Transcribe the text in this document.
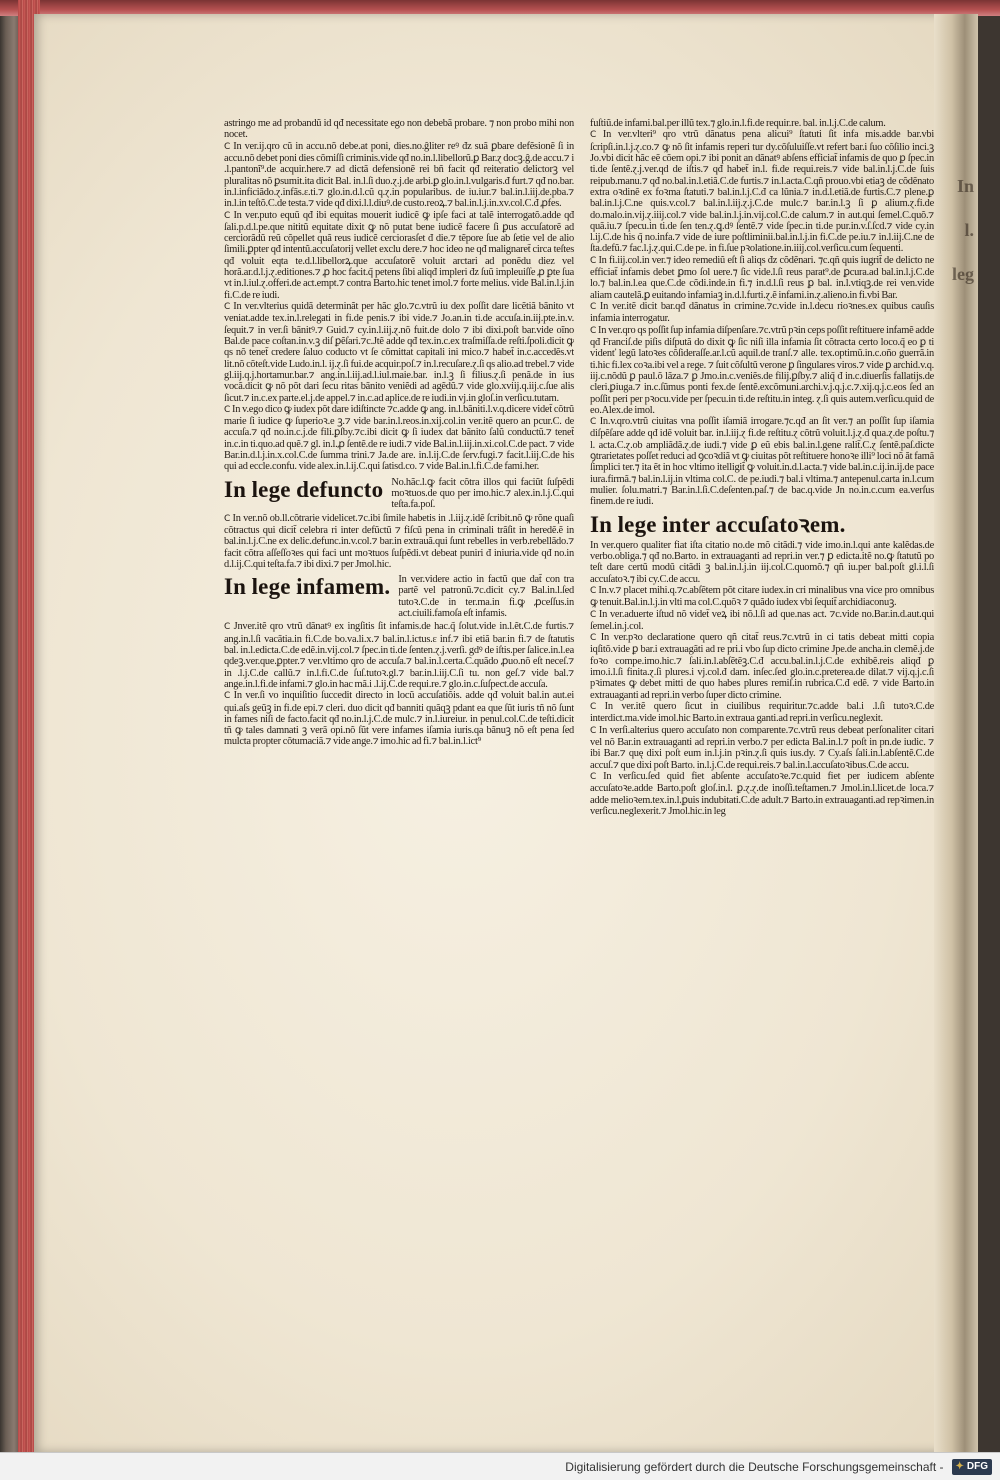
In l. leg

astringo me ad probandũ id qđ necessitate ego non debebã probare. ⁊ non probo mihi non nocet.

C In ver.ij.qro cũ in accu.nõ debe.at poni, dies.no.ĝliter reꝰ đz suã ꝑbare defẽsionẽ ſi in accu.nõ debet poni dies cõmiſſi criminis.vide qđ no.in.l.libellorũ.ꝑ Bar.ɀ docꝫ.ĝ.de accu.⁊ i .l.pantonĩ⁹.de acquir.here.⁊ ad dictã defensionẽ rei bñ facit qđ reiteratio delictorꝫ vel pluralitas nõ ꝑsumit.ita dicit Bal. in.l.ſi duo.ɀ.j.de arbi.ꝑ glo.in.l.vulgaris.đ furt.⁊ qđ no.bar. in.l.inficiãdo.ɀ.infãs.ɛ.ti.⁊ glo.in.d.l.cũ q.ɀ.in popularibus. de iu.iur.⁊ bal.in.l.iij.de.pba.⁊ in.l.in teſtõ.C.de testa.⁊ vide qđ dixi.l.l.diuꝰ.de custo.reoꝝ.⁊ bal.in.l.j.in.xv.col.C.đ ꝓfes.

C In ver.puto equũ qđ ibi equitas mouerit iudicẽ ꝙ ipſe faci at talẽ interrogatõ.adde qđ ſali.p.d.l.pe.que nititũ equitate dixit ꝙ nõ putat bene iudicẽ facere ſi ꝑus accuſatorẽ ad cerciorãdũ reũ cõpellet quã reus iudicẽ cerciorasſet đ die.⁊ tẽpore ſue ab ſetie vel de alio ſimili.ꝑpter qđ intentũ.accuſatorij vellet exclu dere.⁊ hoc ideo ne qđ malignaret̃ circa teſtes qđ voluit eqta te.d.l.libellorꝝ.que accuſatorẽ voluit arctari ad ponẽdu diez vel horã.ar.d.l.j.ɀ.editiones.⁊ ꝓ hoc facit.q̃ petens ſibi aliqđ impleri đz ſuũ impleuiſſe ꝓ ꝑte ſua vt in.l.iul.ɀ.offeri.de act.empt.⁊ contra Barto.hic tenet imol.⁊ forte melius. vide Bal.in.l.j.in fi.C.de re iudi.

C In ver.vlterius quidã determinãt per hãc glo.⁊c.vtrũ iu dex poſſit dare licẽtiã bãnito vt veniat.adde tex.in.l.relegati in fi.de penis.⁊ ibi vide.⁊ Jo.an.in ti.de accuſa.in.iij.pte.in.v. ſequit.⁊ in ver.ſi bãnitꝰ.⁊ Guid.⁊ cy.in.l.iij.ɀ.nõ fuit.de dolo ⁊ ibi dixi.poſt bar.vide oĩno Bal.de pace coſtan.in.v.ꝫ diſ ꝑẽſari.⁊c.Jtẽ adde qđ tex.in.c.ex traſmiſſa.de reſti.ſpoli.dicit ꝙ qs nõ tenet̃ credere ſaluo coducto vt ſe cõmittat capitali ini mico.⁊ habet̃ in.c.accedẽs.vt lit.nõ cõteſt.vide Ludo.in.l. ij.ɀ.ſi fui.de acquir.poſ.⁊ in.l.recuſare.ɀ.ſi qs alio.ad trebel.⁊ vide gl.iij.q.j.hortamur.bar.⁊ ang.in.l.iij.ad.l.iul.maie.bar. in.l.ꝫ ſi filius.ɀ.ſi penã.de in ius vocã.dicit ꝙ nõ põt dari ſecu ritas bãnito veniẽdi ad agẽdũ.⁊ vide glo.xviij.q.iij.c.ſue alis ſicut.⁊ in.c.ex parte.el.j.de appel.⁊ in.c.ad aplice.de re iudi.in vj.in gloſ.in verſicu.tutam.

C In v.ego dico ꝙ iudex põt dare idiſtincte ⁊c.adde ꝙ ang. in.l.bãniti.l.v.q.dicere videt̃ cõtrũ marie ſi iudice ꝙ ſuperioꝛ.e ꝫ.⁊ vide bar.in.l.reos.in.xij.col.in ver.itẽ quero an pcur.C. de accuſa.⁊ qđ no.in.c.j.de fili.ꝑſby.⁊c.ibi dicit ꝙ ſi iudex dat bãnito ſalũ conductũ.⁊ tenet̃ in.c.in ti.quo.ad quẽ.⁊ gl. in.l.ꝓ ſentẽ.de re iudi.⁊ vide Bal.in.l.iij.in.xi.col.C.de pact. ⁊ vide Bar.in.d.l.j.in.x.col.C.de ſumma trini.⁊ Ja.de are. in.l.ij.C.de ſerv.fugi.⁊ facit.l.iij.C.de his qui ad eccle.confu. vide alex.in.l.ij.C.qui ſatisd.co. ⁊ vide Bal.in.l.fi.C.de fami.her.

In lege defuncto No.hãc.l.ꝙ facit cõtra illos qui faciũt ſuſpẽdi moꝛtuos.de quo per imo.hic.⁊ alex.in.l.j.C.qui teſta.fa.poſ.

C In ver.nõ ob.ll.cõtrarie videlicet.⁊c.ibi ſimile habetis in .l.iij.ɀ.idẽ ſcribit.nõ ꝙ rõne quaſi cõtractus qui dicit̃ celebra ri inter defũctũ ⁊ fiſcũ pena in criminali trãſit in heredẽ.ẽ in bal.in.l.j.C.ne ex delic.defunc.in.v.col.⁊ bar.in extrauã.qui ſunt rebelles in verb.rebellãdo.⁊ facit cõtra aſſeſſoꝛes qui faci unt moꝛtuos ſuſpẽdi.vt debeat puniri đ iniuria.vide qđ no.in d.l.ij.C.qui teſta.fa.⁊ ibi dixi.⁊ per Jmol.hic.

In lege infamem. In ver.videre actio in factũ que dat̃ con tra partẽ vel patronũ.⁊c.dicit cy.⁊ Bal.in.l.ſed tutoꝛ.C.de in ter.ma.in fi.ꝙ ꝓceſſus.in act.ciuili.famoſa eſt infamis.

C Jnver.itẽ qro vtrũ dãnatꝰ ex ingſitis ſit infamis.de hac.q̃ ſolut.vide in.l.ẽt.C.de furtis.⁊ ang.in.l.ſi vacãtia.in fi.C.de bo.va.li.x.⁊ bal.in.l.ictus.ɛ inf.⁊ ibi etiã bar.in fi.⁊ de ſtatutis bal. in.l.edicta.C.de edẽ.in.vij.col.⁊ ſpec.in ti.de ſenten.ɀ.j.verſi. gdꝰ de iſtis.per ſalice.in.l.ea qdeꝫ.ver.que.ꝑpter.⁊ ver.vltimo qro de accuſa.⁊ bal.in.l.certa.C.quãdo ꝓuo.nõ eſt neceſ.⁊ in .l.j.C.de callũ.⁊ in.l.fi.C.de ſuſ.tutoꝛ.gl.⁊ bar.in.l.iij.C.ſi tu. non geſ.⁊ vide bal.⁊ ange.in.l.fi.de infami.⁊ glo.in hac mã.i .l.ij.C.de requi.re.⁊ glo.in.c.ſuſpect.de accuſa.

C In ver.ſi vo inquiſitio ſuccedit directo in locũ accuſatiõis. adde qđ voluit bal.in aut.ei qui.aſs geũꝫ in fi.de epi.⁊ cleri. duo dicit qđ banniti quãqꝫ pdant ea que ſũt iuris tñ nõ ſunt in fames niſi de facto.facit qđ no.in.l.j.C.de mulc.⁊ in.l.iureiur. in penul.col.C.de teſti.dicit tñ ꝙ tales damnati ꝫ verã opi.nõ ſũt vere infames iſamia iuris.qa bãnuꝫ nõ eſt pena ſed mulcta propter cõtumaciã.⁊ vide ange.⁊ imo.hic ad fi.⁊ bal.in.l.ict⁹

fuſtiũ.de infami.bal.per illũ tex.⁊ glo.in.l.fi.de requir.re. bal. in.l.j.C.de calum.

C In ver.vlteri⁹ qro vtrũ dãnatus pena alicui⁹ ſtatuti ſit infa mis.adde bar.vbi ſcripſi.in.l.j.ɀ.co.⁊ ꝙ nõ ſit infamis reperi tur dy.cõſuluiſſe.vt refert bar.i ſuo cõſilio inci.ꝫ Jo.vbi dicit hãc eẽ cõem opi.⁊ ibi ponit an dãnatꝰ abſens efficiat̃ infamis de quo ꝑ ſpec.in ti.de ſentẽ.ɀ.j.ver.qd de iſtis.⁊ qđ habet̃ in.l. fi.de requi.reis.⁊ vide bal.in.l.j.C.de ſuis reipub.manu.⁊ qđ no.bal.in.l.etiã.C.de furtis.⁊ in.l.acta.C.qñ prouo.vbi etiaꝫ de cõdẽnato extra oꝛdinẽ ex foꝛma ſtatuti.⁊ bal.in.l.j.C.đ ca lũnia.⁊ in.d.l.etiã.de furtis.C.⁊ plene.ꝑ bal.in.l.j.C.ne quis.v.col.⁊ bal.in.l.iij.ɀ.j.C.de mulc.⁊ bar.in.l.ꝫ ſi ꝑ alium.ɀ.fi.de do.malo.in.vij.ɀ.iiij.col.⁊ vide bal.in.l.j.in.vij.col.C.de calum.⁊ in aut.qui ſemel.C.quõ.⁊ quã.iu.⁊ ſpecu.in ti.de ſen ten.ɀ.ꝗ.dꝰ ſentẽ.⁊ vide ſpec.in ti.de pur.in.v.ſ.ſcd.⁊ vide cy.in l.ij.C.de his q̃ no.infa.⁊ vide de iure poſtliminii.bal.in.l.j.in fi.C.de pe.iu.⁊ in.l.iij.C.ne de ſta.defũ.⁊ fac.l.j.ɀ.qui.C.de pe. in fi.ſue pꝛolatione.in.iiij.col.verſicu.cum ſequenti.

C In fi.iij.col.in ver.⁊ ideo remediũ eſt ſi aliqs đz cõdẽnari. ⁊c.qñ quis iugrit̃ de delicto ne efficiat̃ infamis debet ꝑmo ſol uere.⁊ ſic vide.l.ſi reus parat⁹.de ꝑcura.ad bal.in.l.j.C.de lo.⁊ bal.in.l.ea que.C.de cõdi.inde.in fi.⁊ in.d.l.ſi reus ꝑ bal. in.l.vtiqꝫ.de rei ven.vide aliam cautelã.ꝑ euitando infamiaꝫ in.d.l.furti.ɀ.ẽ infami.in.ɀ.alieno.in fi.vbi Bar.

C In ver.itẽ dicit bar.qđ dãnatus in crimine.⁊c.vide in.l.decu rioꝛnes.ex quibus cauſis infamia interrogatur.

C In ver.qro qs poſſit ſup infamia diſpenſare.⁊c.vtrũ pꝛin ceps poſſit reſtituere infamẽ adde qđ Franciſ.de piſis diſputã do dixit ꝙ ſic niſi illa infamia ſit cõtracta certo loco.q̃ eo ꝑ ti videnť legũ latoꝛes cõſideraſſe.ar.l.cũ aquil.de tranſ.⁊ alle. tex.optimũ.in.c.oño guerrã.in ti.hic fi.lex coꝛa.ibi vel a rege. ⁊ ſuit cõſultũ verone ꝑ ſingulares viros.⁊ vide ꝑ archid.v.q. iij.c.nõdũ ꝑ paul.õ lãza.⁊ ꝑ Jmo.in.c.veniẽs.de filij.ꝑſby.⁊ aliq̃ đ in.c.diuerſis fallatijs.de cleri.ꝑiuga.⁊ in.c.ſũmus ponti fex.de ſentẽ.excõmuni.archi.v.j.q.j.c.⁊.xij.q.j.c.eos ſed an poſſit peri per pꝛocu.vide per ſpecu.in ti.de reſtitu.in integ. ɀ.ſi quis autem.verſicu.quid de eo.Alex.de imol.

C In.v.qro.vtrũ ciuitas vna poſſit iſamiã irrogare.⁊c.qđ an ſit ver.⁊ an poſſit ſup iſamia diſpẽſare adde qđ idẽ voluit bar. in.l.iij.ɀ fi.de reſtitu.ɀ cõtrũ voluit.l.j.ɀ.đ qua.ɀ.de poſtu.⁊ l. acta.C.ɀ.ob ampliãdã.ɀ.de iudi.⁊ vide ꝑ eũ ebis bal.in.l.gene ralit̃.C.ɀ ſentẽ.paſ.dicte ꝯtrarietates poſſet reduci ad ꝯcoꝛdiã vt ꝙ ciuitas põt reſtituere honoꝛe illi⁹ loci nõ ăt famã ſimplici ter.⁊ ita ẽt in hoc vltimo itelligit̃ ꝙ voluit.in.d.l.acta.⁊ vide bal.in.c.ij.in.ij.de pace iura.firmã.⁊ bal.in.l.ij.in vltima col.C. de pe.iudi.⁊ bal.i vltima.⁊ antepenul.carta in.l.cum mulier. ſolu.matri.⁊ Bar.in.l.ſi.C.deſenten.paſ.⁊ de bac.q.vide Jn no.in.c.cum ea.verſus finem.de re iudi.

In lege inter accuſatoꝛem.

In ver.quero qualiter fiat iſta citatio no.de mõ citãdi.⁊ vide imo.in.l.qui ante kalẽdas.de verbo.obliga.⁊ qđ no.Barto. in extrauaganti ad repri.in ver.⁊ ꝑ edicta.itẽ no.ꝙ ſtatutũ po teſt dare certũ modũ citãdi ꝫ bal.in.l.j.in iij.col.C.quomõ.⁊ qñ iu.per bal.poſt gl.i.l.ſi accuſatoꝛ.⁊ ibi cy.C.de accu.

C In.v.⁊ placet mihi.q.⁊c.abſẽtem põt citare iudex.in cri minalibus vna vice pro omnibus ꝙ tenuit.Bal.in.l.j.in vlti ma col.C.quõꝛ ⁊ quãdo iudex vbi ſequit̃ archidiaconuꝫ.

C In ver.aduerte iſtud nõ videt̃ veꝝ ibi nõ.l.ſi ad que.nas act. ⁊c.vide no.Bar.in.d.aut.qui ſemel.in.j.col.

C In ver.pꝛo declaratione quero qñ citat̃ reus.⁊c.vtrũ in ci tatis debeat mitti copia iqſitõ.vide ꝑ bar.i extrauagãti ad re pri.i vbo ſup dicto crimine Jpe.de ancha.in clemẽ.j.de foꝛo compe.imo.hic.⁊ ſali.in.l.abſẽtẽꝫ.C.đ accu.bal.in.l.j.C.de exhibẽ.reis aliqđ ꝑ imo.i.l.ſi finita.ɀ.ſi plures.i vj.col.đ dam. inſec.ſed glo.in.c.preterea.de dilat.⁊ vij.q.j.c.ſi pꝛimates ꝙ debet mitti de quo habes plures remiſ.in rubrica.C.đ edẽ. ⁊ vide Barto.in extrauaganti ad repri.in verbo ſuper dicto crimine.

C In ver.itẽ quero ſicut in ciuilibus requiritur.⁊c.adde bal.i .l.ſi tutoꝛ.C.de interdict.ma.vide imol.hic Barto.in extraua ganti.ad repri.in verſicu.neglexit.

C In verſi.alterius quero accuſato non comparente.⁊c.vtrũ reus debeat perſonaliter citari vel nõ Bar.in extrauaganti ad repri.in verbo.⁊ per edicta Bal.in.l.⁊ poſt in pn.de iudic. ⁊ ibi Bar.⁊ quę dixi poſt eum in.l.j.in pꝛin.ɀ.ſi quis ius.dy. ⁊ Cy.aſs ſali.in.l.abſentẽ.C.de accuſ.⁊ que dixi poſt Barto. in.l.j.C.de requi.reis.⁊ bal.in.l.accuſatoꝛibus.C.de accu.

C In verſicu.ſed quid fiet abſente accuſatoꝛe.⁊c.quid fiet per iudicem abſente accuſatoꝛe.adde Barto.poſt gloſ.in.l. ꝑ.ɀ.ɀ.de inoſſi.teſtamen.⁊ Jmol.in.l.licet.de loca.⁊ adde melioꝛem.tex.in.l.ꝑuis indubitati.C.de adult.⁊ Barto.in extrauaganti.ad repꝛimen.in verſicu.neglexerit.⁊ Jmol.hic.in leg

Digitalisierung gefördert durch die Deutsche Forschungsgemeinschaft - ✦ DFG
